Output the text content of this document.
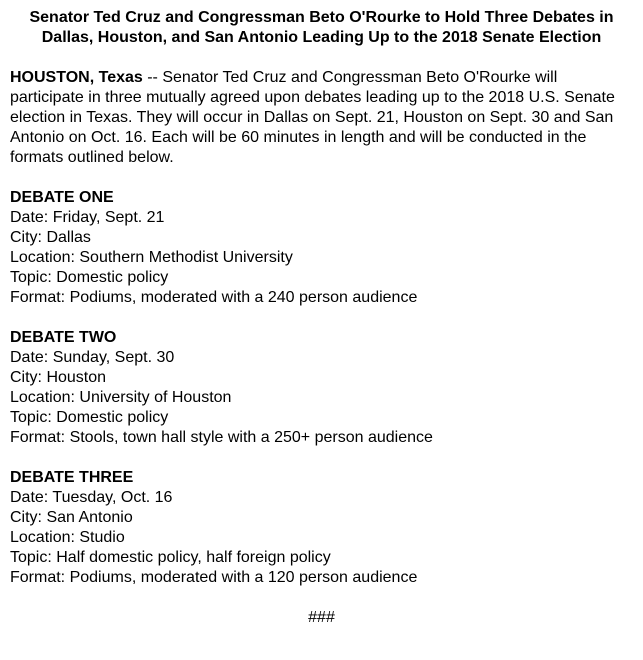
Senator Ted Cruz and Congressman Beto O'Rourke to Hold Three Debates in Dallas, Houston, and San Antonio Leading Up to the 2018 Senate Election

HOUSTON, Texas -- Senator Ted Cruz and Congressman Beto O'Rourke will participate in three mutually agreed upon debates leading up to the 2018 U.S. Senate election in Texas. They will occur in Dallas on Sept. 21, Houston on Sept. 30 and San Antonio on Oct. 16. Each will be 60 minutes in length and will be conducted in the formats outlined below.

DEBATE ONE
Date: Friday, Sept. 21
City: Dallas
Location: Southern Methodist University
Topic: Domestic policy
Format: Podiums, moderated with a 240 person audience
DEBATE TWO
Date: Sunday, Sept. 30
City: Houston
Location: University of Houston
Topic: Domestic policy
Format: Stools, town hall style with a 250+ person audience
DEBATE THREE
Date: Tuesday, Oct. 16
City: San Antonio
Location: Studio
Topic: Half domestic policy, half foreign policy
Format: Podiums, moderated with a 120 person audience
###
